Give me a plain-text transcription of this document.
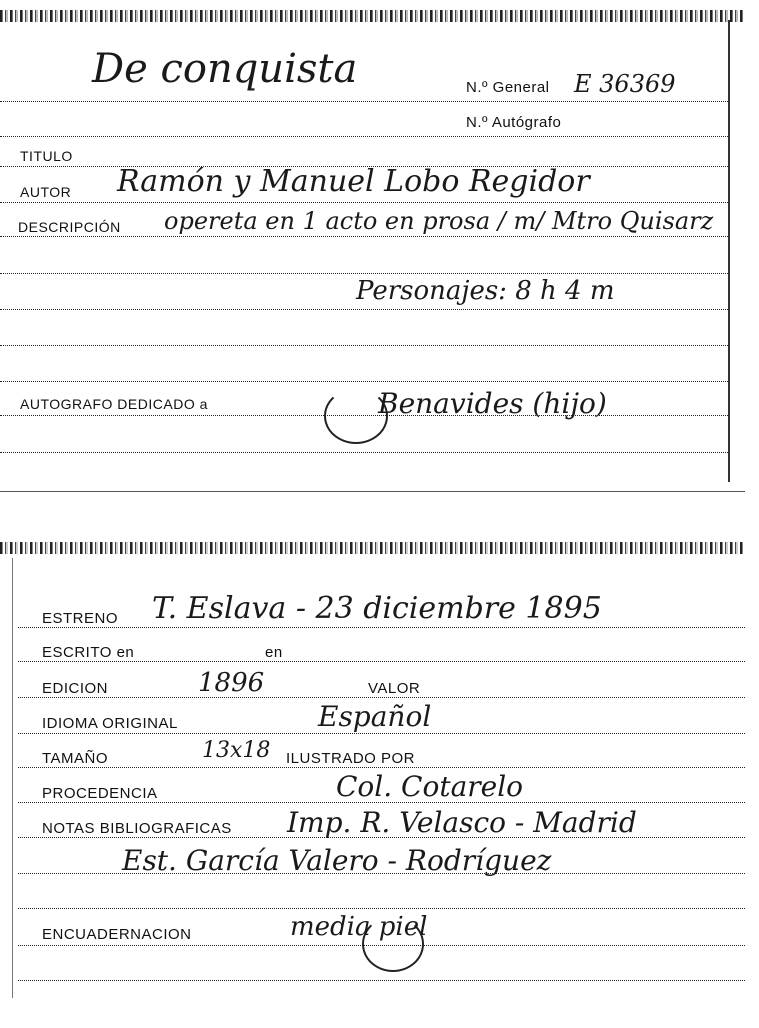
De conquista	N.º General E 36369
N.º Autógrafo
TITULO
AUTOR Ramón y Manuel Lobo Regidor
DESCRIPCIÓN opereta en 1 acto en prosa / m/ Mtro Quisarz
Personajes: 8 h 4 m
AUTOGRAFO DEDICADO a	Benavides (hijo)
ESTRENO T. Eslava - 23 diciembre 1895
ESCRITO en	en
EDICION	1896	VALOR
IDIOMA ORIGINAL	Español
TAMAÑO	13x18 ILUSTRADO POR
PROCEDENCIA	Col. Cotarelo
NOTAS BIBLIOGRAFICAS Imp. R. Velasco - Madrid
Est. García Valero - Rodríguez
ENCUADERNACION	media piel
